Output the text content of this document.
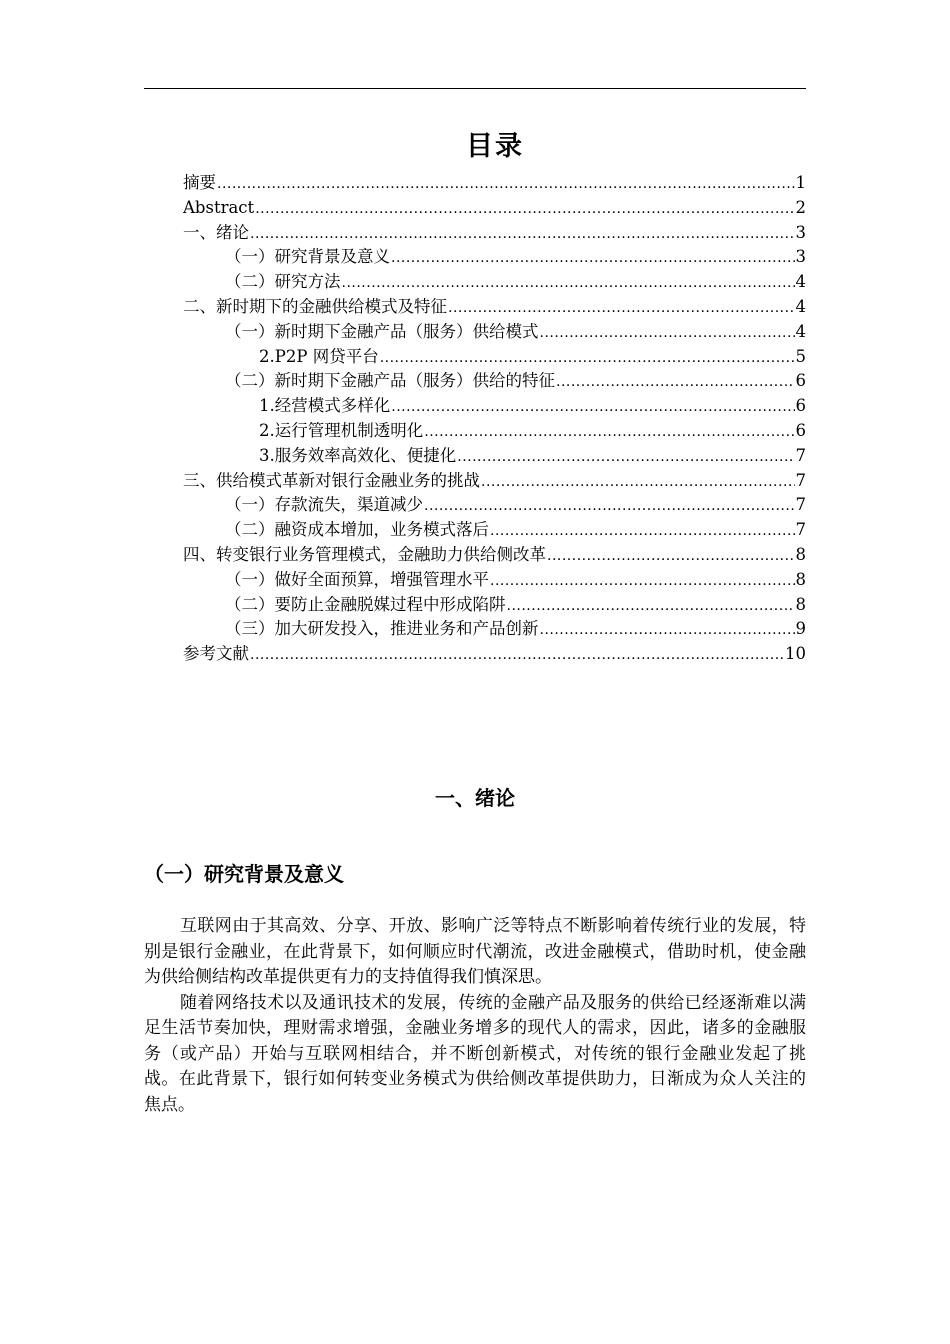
目录
摘要 .....	1
Abstract .....	2
一、绪论 .....	3
（一）研究背景及意义 .....	3
（二）研究方法 .....	4
二、新时期下的金融供给模式及特征 .....	4
（一）新时期下金融产品（服务）供给模式 .....	4
2.P2P 网贷平台 .....	5
（二）新时期下金融产品（服务）供给的特征 .....	6
1.经营模式多样化 .....	6
2.运行管理机制透明化 .....	6
3.服务效率高效化、便捷化 .....	7
三、供给模式革新对银行金融业务的挑战 .....	7
（一）存款流失，渠道减少 .....	7
（二）融资成本增加，业务模式落后 .....	7
四、转变银行业务管理模式，金融助力供给侧改革 .....	8
（一）做好全面预算，增强管理水平 .....	8
（二）要防止金融脱媒过程中形成陷阱 .....	8
（三）加大研发投入，推进业务和产品创新 .....	9
参考文献 .....	10
一、绪论
（一）研究背景及意义

互联网由于其高效、分享、开放、影响广泛等特点不断影响着传统行业的发展，特别是银行金融业，在此背景下，如何顺应时代潮流，改进金融模式，借助时机，使金融为供给侧结构改革提供更有力的支持值得我们慎深思。

随着网络技术以及通讯技术的发展，传统的金融产品及服务的供给已经逐渐难以满足生活节奏加快，理财需求增强，金融业务增多的现代人的需求，因此，诸多的金融服务（或产品）开始与互联网相结合，并不断创新模式，对传统的银行金融业发起了挑战。在此背景下，银行如何转变业务模式为供给侧改革提供助力，日渐成为众人关注的焦点。
